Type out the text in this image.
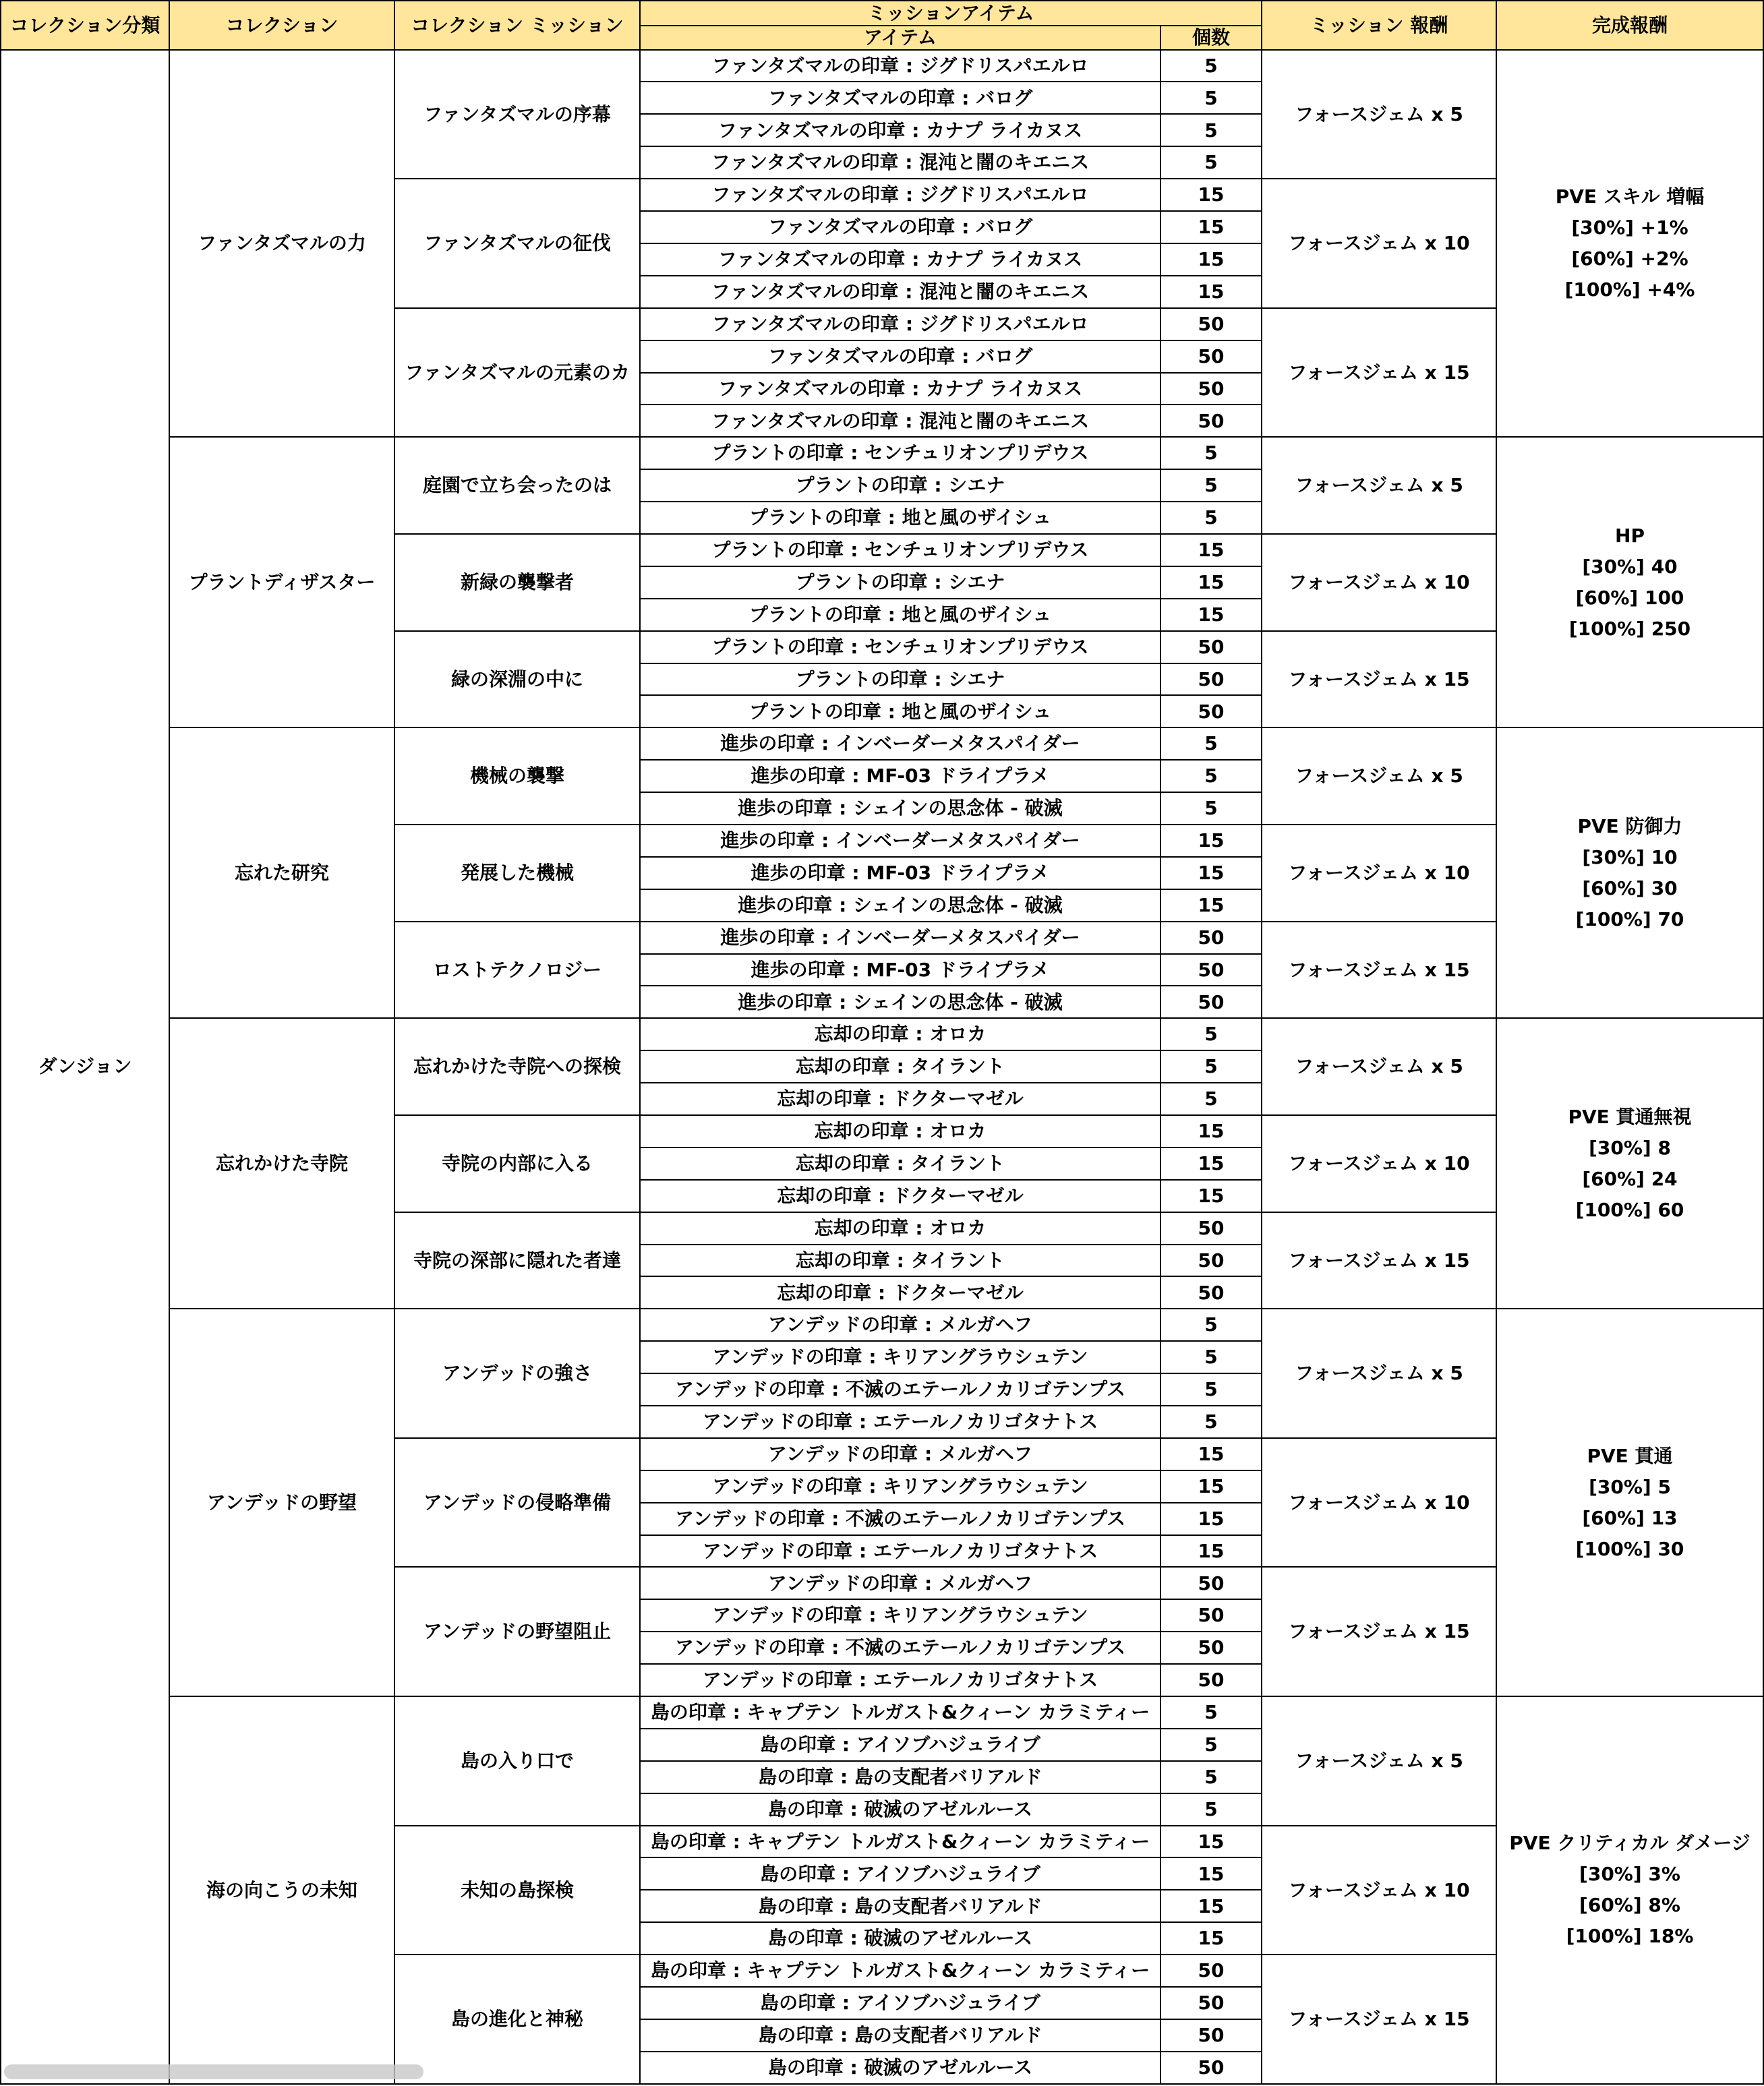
コレクション分類	コレクション	コレクション ミッション	ミッションアイテム		ミッション 報酬	完成報酬
			アイテム	個数		
ダンジョン	ファンタズマルの力	ファンタズマルの序幕	ファンタズマルの印章 : ジグドリスパエルロ	5	フォースジェム x 5	PVE スキル 増幅
[30%] +1%
[60%] +2%
[100%] +4%

			ファンタズマルの印章 : バログ	5		
			ファンタズマルの印章 : カナプ ライカヌス	5		
			ファンタズマルの印章 : 混沌と闇のキエニス	5		
		ファンタズマルの征伐	ファンタズマルの印章 : ジグドリスパエルロ	15	フォースジェム x 10	
			ファンタズマルの印章 : バログ	15		
			ファンタズマルの印章 : カナプ ライカヌス	15		
			ファンタズマルの印章 : 混沌と闇のキエニス	15		
		ファンタズマルの元素のカ	ファンタズマルの印章 : ジグドリスパエルロ	50	フォースジェム x 15	
			ファンタズマルの印章 : バログ	50		
			ファンタズマルの印章 : カナプ ライカヌス	50		
			ファンタズマルの印章 : 混沌と闇のキエニス	50		
	プラントディザスター	庭園で立ち会ったのは	プラントの印章 : センチュリオンプリデウス	5	フォースジェム x 5	HP
[30%] 40
[60%] 100
[100%] 250

			プラントの印章 : シエナ	5		
			プラントの印章 : 地と風のザイシュ	5		
		新緑の襲撃者	プラントの印章 : センチュリオンプリデウス	15	フォースジェム x 10	
			プラントの印章 : シエナ	15		
			プラントの印章 : 地と風のザイシュ	15		
		緑の深淵の中に	プラントの印章 : センチュリオンプリデウス	50	フォースジェム x 15	
			プラントの印章 : シエナ	50		
			プラントの印章 : 地と風のザイシュ	50		
	忘れた研究	機械の襲撃	進歩の印章 : インベーダーメタスパイダー	5	フォースジェム x 5	PVE 防御力
[30%] 10
[60%] 30
[100%] 70

			進歩の印章 : MF-03 ドライプラメ	5		
			進歩の印章 : シェインの思念体 - 破滅	5		
		発展した機械	進歩の印章 : インベーダーメタスパイダー	15	フォースジェム x 10	
			進歩の印章 : MF-03 ドライプラメ	15		
			進歩の印章 : シェインの思念体 - 破滅	15		
		ロストテクノロジー	進歩の印章 : インベーダーメタスパイダー	50	フォースジェム x 15	
			進歩の印章 : MF-03 ドライプラメ	50		
			進歩の印章 : シェインの思念体 - 破滅	50		
	忘れかけた寺院	忘れかけた寺院への探検	忘却の印章 : オロカ	5	フォースジェム x 5	PVE 貫通無視
[30%] 8
[60%] 24
[100%] 60

			忘却の印章 : タイラント	5		
			忘却の印章 : ドクターマゼル	5		
		寺院の内部に入る	忘却の印章 : オロカ	15	フォースジェム x 10	
			忘却の印章 : タイラント	15		
			忘却の印章 : ドクターマゼル	15		
		寺院の深部に隠れた者達	忘却の印章 : オロカ	50	フォースジェム x 15	
			忘却の印章 : タイラント	50		
			忘却の印章 : ドクターマゼル	50		
	アンデッドの野望	アンデッドの強さ	アンデッドの印章 : メルガヘフ	5	フォースジェム x 5	PVE 貫通
[30%] 5
[60%] 13
[100%] 30

			アンデッドの印章 : キリアングラウシュテン	5		
			アンデッドの印章 : 不滅のエテールノカリゴテンプス	5		
			アンデッドの印章 : エテールノカリゴタナトス	5		
		アンデッドの侵略準備	アンデッドの印章 : メルガヘフ	15	フォースジェム x 10	
			アンデッドの印章 : キリアングラウシュテン	15		
			アンデッドの印章 : 不滅のエテールノカリゴテンプス	15		
			アンデッドの印章 : エテールノカリゴタナトス	15		
		アンデッドの野望阻止	アンデッドの印章 : メルガヘフ	50	フォースジェム x 15	
			アンデッドの印章 : キリアングラウシュテン	50		
			アンデッドの印章 : 不滅のエテールノカリゴテンプス	50		
			アンデッドの印章 : エテールノカリゴタナトス	50		
	海の向こうの未知	島の入り口で	島の印章 : キャプテン トルガスト&クィーン カラミティー	5	フォースジェム x 5	PVE クリティカル ダメージ
[30%] 3%
[60%] 8%
[100%] 18%

			島の印章 : アイソブハジュライブ	5		
			島の印章 : 島の支配者バリアルド	5		
			島の印章 : 破滅のアゼルルース	5		
		未知の島探検	島の印章 : キャプテン トルガスト&クィーン カラミティー	15	フォースジェム x 10	
			島の印章 : アイソブハジュライブ	15		
			島の印章 : 島の支配者バリアルド	15		
			島の印章 : 破滅のアゼルルース	15		
		島の進化と神秘	島の印章 : キャプテン トルガスト&クィーン カラミティー	50	フォースジェム x 15	
			島の印章 : アイソブハジュライブ	50		
			島の印章 : 島の支配者バリアルド	50		
			島の印章 : 破滅のアゼルルース	50		
